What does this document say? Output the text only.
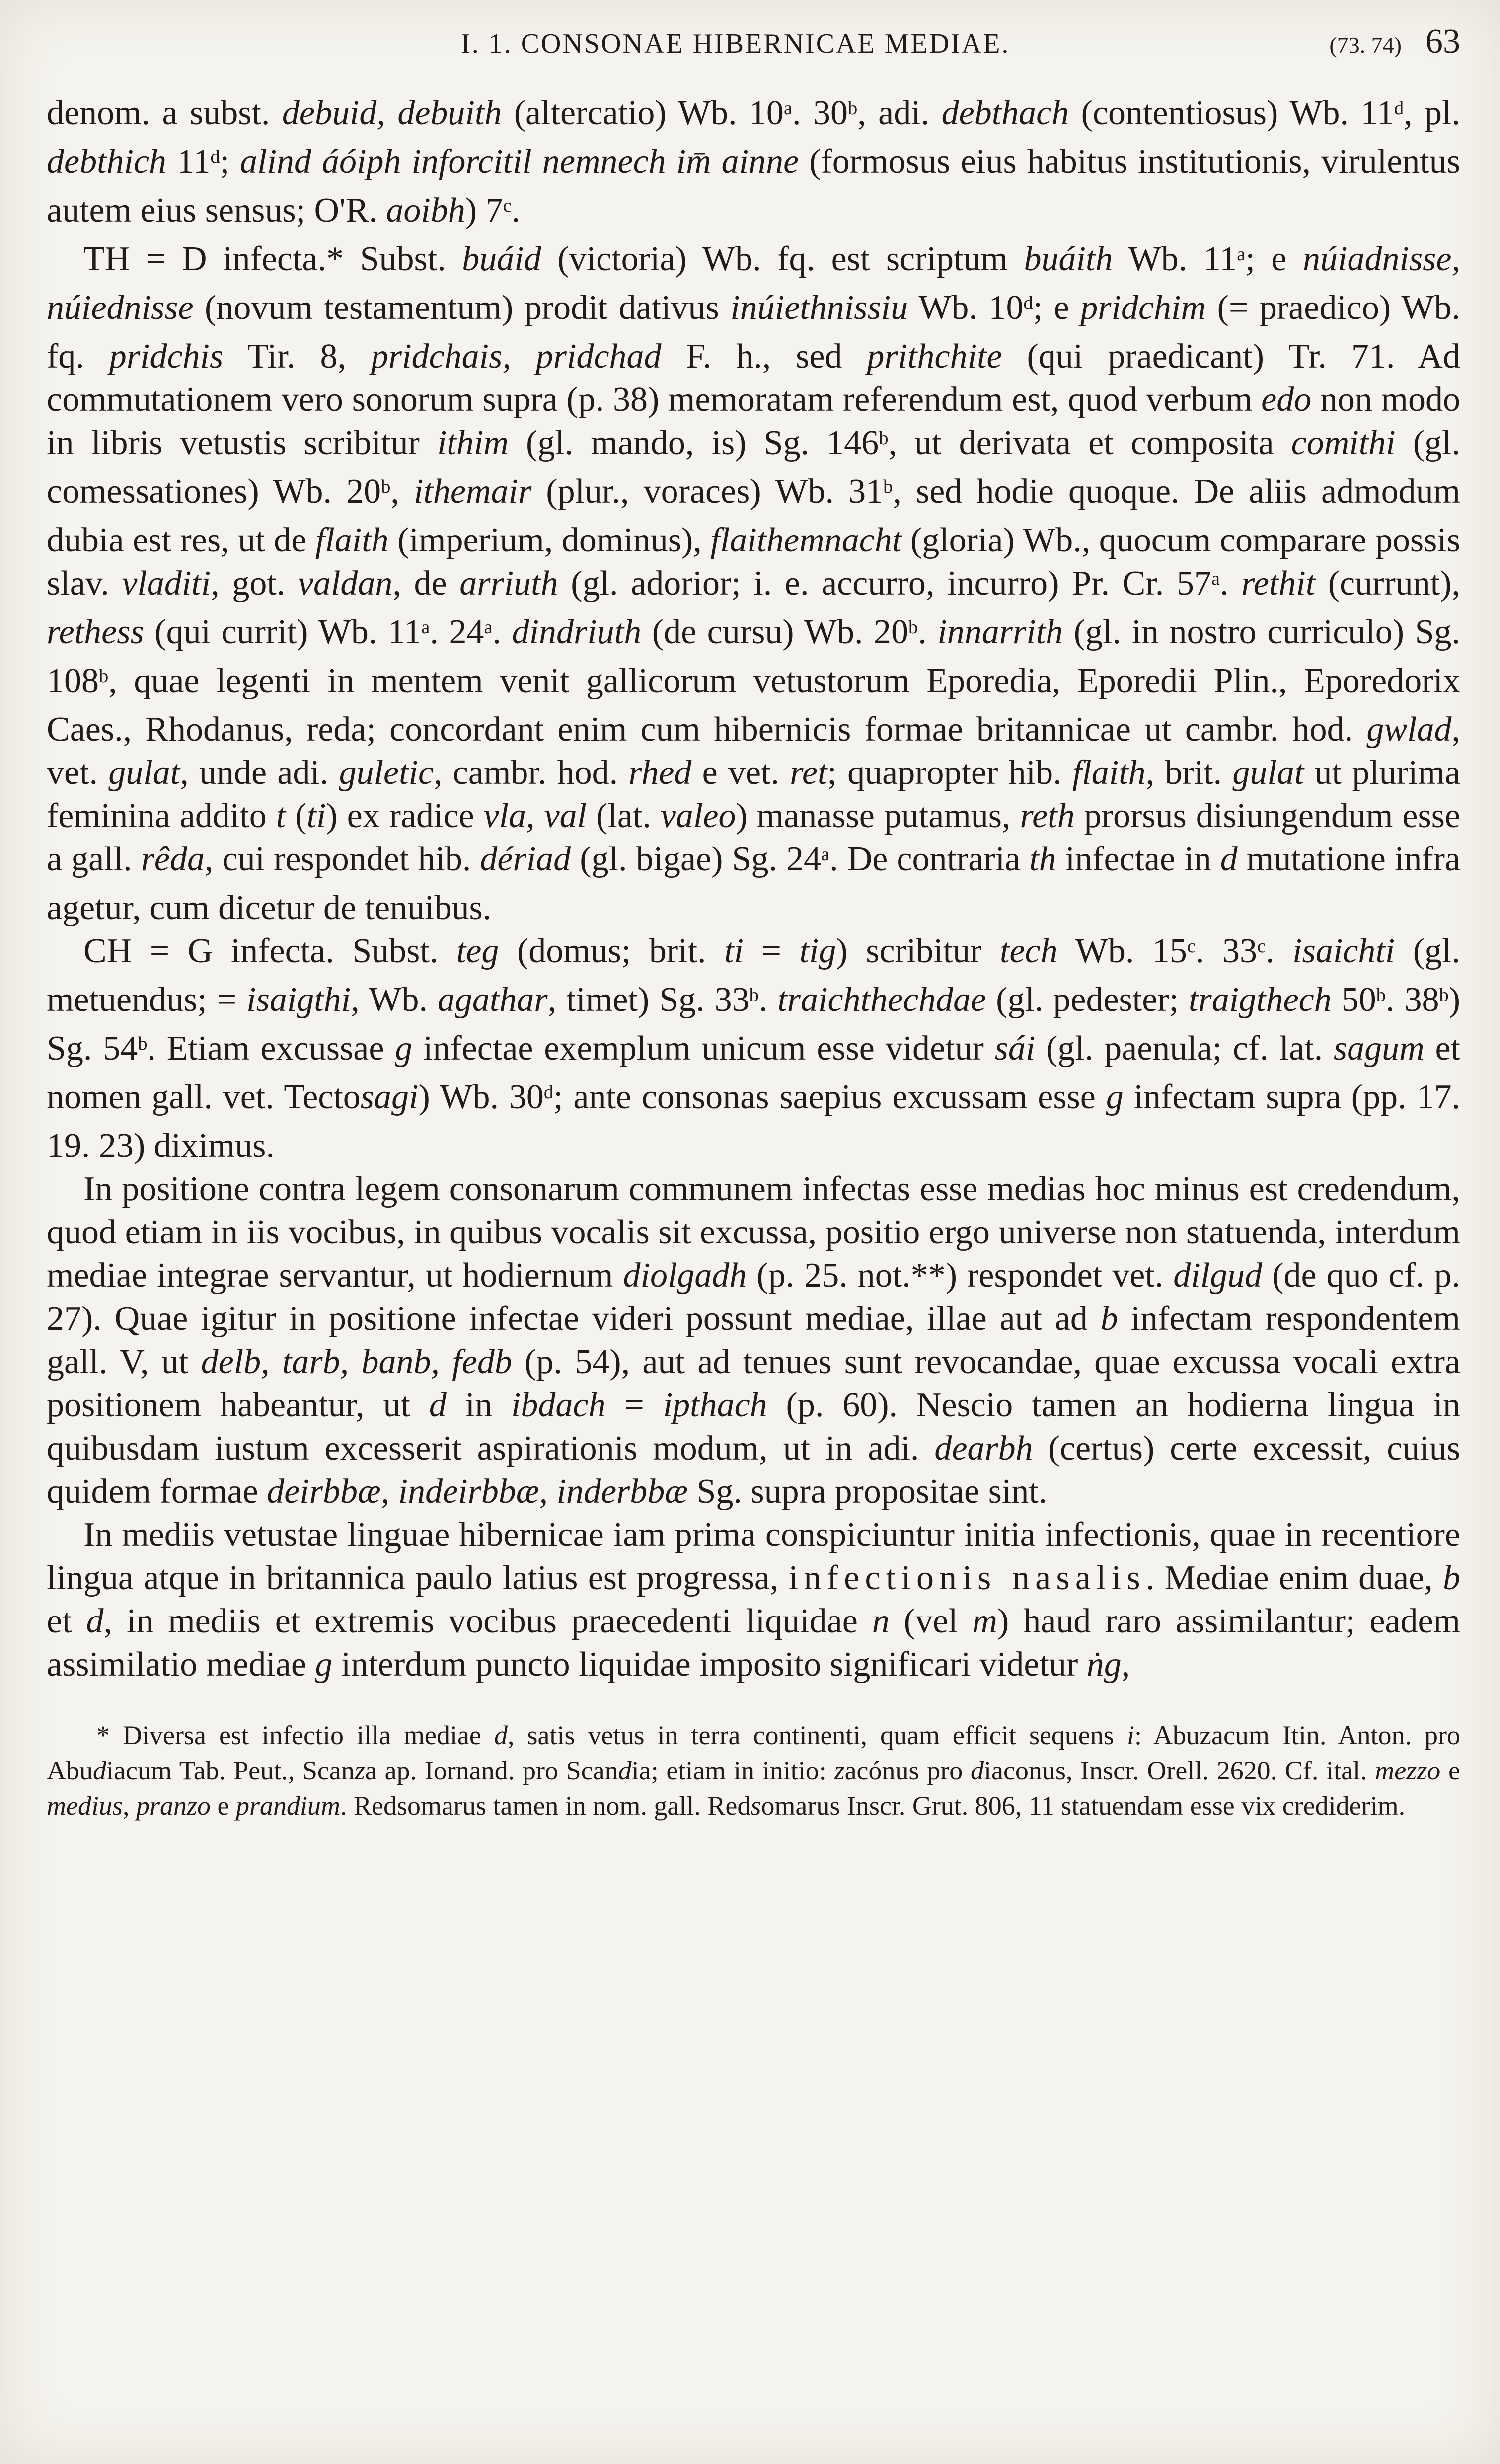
I. 1. CONSONAE HIBERNICAE MEDIAE.	(73. 74) 63

denom. a subst. debuid, debuith (altercatio) Wb. 10$^a$. 30$^b$, adi. debthach (contentiosus) Wb. 11$^d$, pl. debthich 11$^d$; alind áóiph inforcitil nemnech im̄ ainne (formosus eius habitus institutionis, virulentus autem eius sensus; O'R. aoibh) 7$^c$.

TH = D infecta.* Subst. buáid (victoria) Wb. fq. est scriptum buáith Wb. 11$^a$; e núiadnisse, núiednisse (novum testamentum) prodit dativus inúiethnissiu Wb. 10$^d$; e pridchim (= praedico) Wb. fq. pridchis Tir. 8, pridchais, pridchad F. h., sed prithchite (qui praedicant) Tr. 71. Ad commutationem vero sonorum supra (p. 38) memoratam referendum est, quod verbum edo non modo in libris vetustis scribitur ithim (gl. mando, is) Sg. 146$^b$, ut derivata et composita comithi (gl. comessationes) Wb. 20$^b$, ithemair (plur., voraces) Wb. 31$^b$, sed hodie quoque. De aliis admodum dubia est res, ut de flaith (imperium, dominus), flaithemnacht (gloria) Wb., quocum comparare possis slav. vladiti, got. valdan, de arriuth (gl. adorior; i. e. accurro, incurro) Pr. Cr. 57$^a$. rethit (currunt), rethess (qui currit) Wb. 11$^a$. 24$^a$. dindriuth (de cursu) Wb. 20$^b$. innarrith (gl. in nostro curriculo) Sg. 108$^b$, quae legenti in mentem venit gallicorum vetustorum Eporedia, Eporedii Plin., Eporedorix Caes., Rhodanus, reda; concordant enim cum hibernicis formae britannicae ut cambr. hod. gwlad, vet. gulat, unde adi. guletic, cambr. hod. rhed e vet. ret; quapropter hib. flaith, brit. gulat ut plurima feminina addito t (ti) ex radice vla, val (lat. valeo) manasse putamus, reth prorsus disiungendum esse a gall. rêda, cui respondet hib. dériad (gl. bigae) Sg. 24$^a$. De contraria th infectae in d mutatione infra agetur, cum dicetur de tenuibus.

CH = G infecta. Subst. teg (domus; brit. ti = tig) scribitur tech Wb. 15$^c$. 33$^c$. isaichti (gl. metuendus; = isaigthi, Wb. agathar, timet) Sg. 33$^b$. traichthechdae (gl. pedester; traigthech 50$^b$. 38$^b$) Sg. 54$^b$. Etiam excussae g infectae exemplum unicum esse videtur sái (gl. paenula; cf. lat. sagum et nomen gall. vet. Tectosagi) Wb. 30$^d$; ante consonas saepius excussam esse g infectam supra (pp. 17. 19. 23) diximus.

In positione contra legem consonarum communem infectas esse medias hoc minus est credendum, quod etiam in iis vocibus, in quibus vocalis sit excussa, positio ergo universe non statuenda, interdum mediae integrae servantur, ut hodiernum diolgadh (p. 25. not.**) respondet vet. dilgud (de quo cf. p. 27). Quae igitur in positione infectae videri possunt mediae, illae aut ad b infectam respondentem gall. V, ut delb, tarb, banb, fedb (p. 54), aut ad tenues sunt revocandae, quae excussa vocali extra positionem habeantur, ut d in ibdach = ipthach (p. 60). Nescio tamen an hodierna lingua in quibusdam iustum excesserit aspirationis modum, ut in adi. dearbh (certus) certe excessit, cuius quidem formae deirbbæ, indeirbbæ, inderbbæ Sg. supra propositae sint.

In mediis vetustae linguae hibernicae iam prima conspiciuntur initia infectionis, quae in recentiore lingua atque in britannica paulo latius est progressa, infectionis nasalis. Mediae enim duae, b et d, in mediis et extremis vocibus praecedenti liquidae n (vel m) haud raro assimilantur; eadem assimilatio mediae g interdum puncto liquidae imposito significari videtur ṅg,

* Diversa est infectio illa mediae d, satis vetus in terra continenti, quam efficit sequens i: Abuzacum Itin. Anton. pro Abudiacum Tab. Peut., Scanza ap. Iornand. pro Scandia; etiam in initio: zacónus pro diaconus, Inscr. Orell. 2620. Cf. ital. mezzo e medius, pranzo e prandium. Redsomarus tamen in nom. gall. Redsomarus Inscr. Grut. 806, 11 statuendam esse vix crediderim.
